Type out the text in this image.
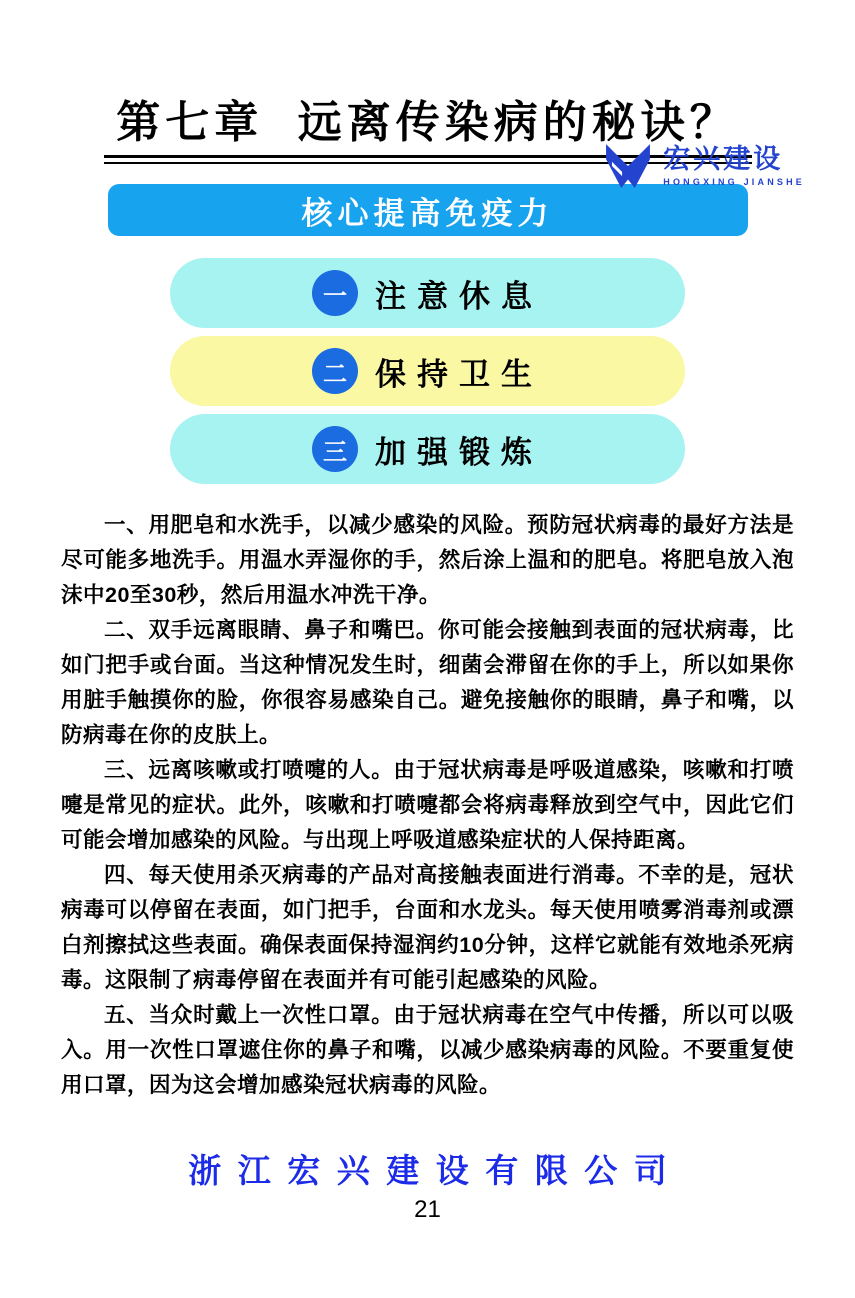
宏兴建设
HONGXING JIANSHE
第七章  远离传染病的秘诀？
核心提高免疫力
一 注意休息
二 保持卫生
三 加强锻炼

一、用肥皂和水洗手，以减少感染的风险。预防冠状病毒的最好方法是尽可能多地洗手。用温水弄湿你的手，然后涂上温和的肥皂。将肥皂放入泡沫中20至30秒，然后用温水冲洗干净。

二、双手远离眼睛、鼻子和嘴巴。你可能会接触到表面的冠状病毒，比如门把手或台面。当这种情况发生时，细菌会滞留在你的手上，所以如果你用脏手触摸你的脸，你很容易感染自己。避免接触你的眼睛，鼻子和嘴，以防病毒在你的皮肤上。

三、远离咳嗽或打喷嚏的人。由于冠状病毒是呼吸道感染，咳嗽和打喷嚏是常见的症状。此外，咳嗽和打喷嚏都会将病毒释放到空气中，因此它们可能会增加感染的风险。与出现上呼吸道感染症状的人保持距离。

四、每天使用杀灭病毒的产品对高接触表面进行消毒。不幸的是，冠状病毒可以停留在表面，如门把手，台面和水龙头。每天使用喷雾消毒剂或漂白剂擦拭这些表面。确保表面保持湿润约10分钟，这样它就能有效地杀死病毒。这限制了病毒停留在表面并有可能引起感染的风险。

五、当众时戴上一次性口罩。由于冠状病毒在空气中传播，所以可以吸入。用一次性口罩遮住你的鼻子和嘴，以减少感染病毒的风险。不要重复使用口罩，因为这会增加感染冠状病毒的风险。

浙江宏兴建设有限公司
21
